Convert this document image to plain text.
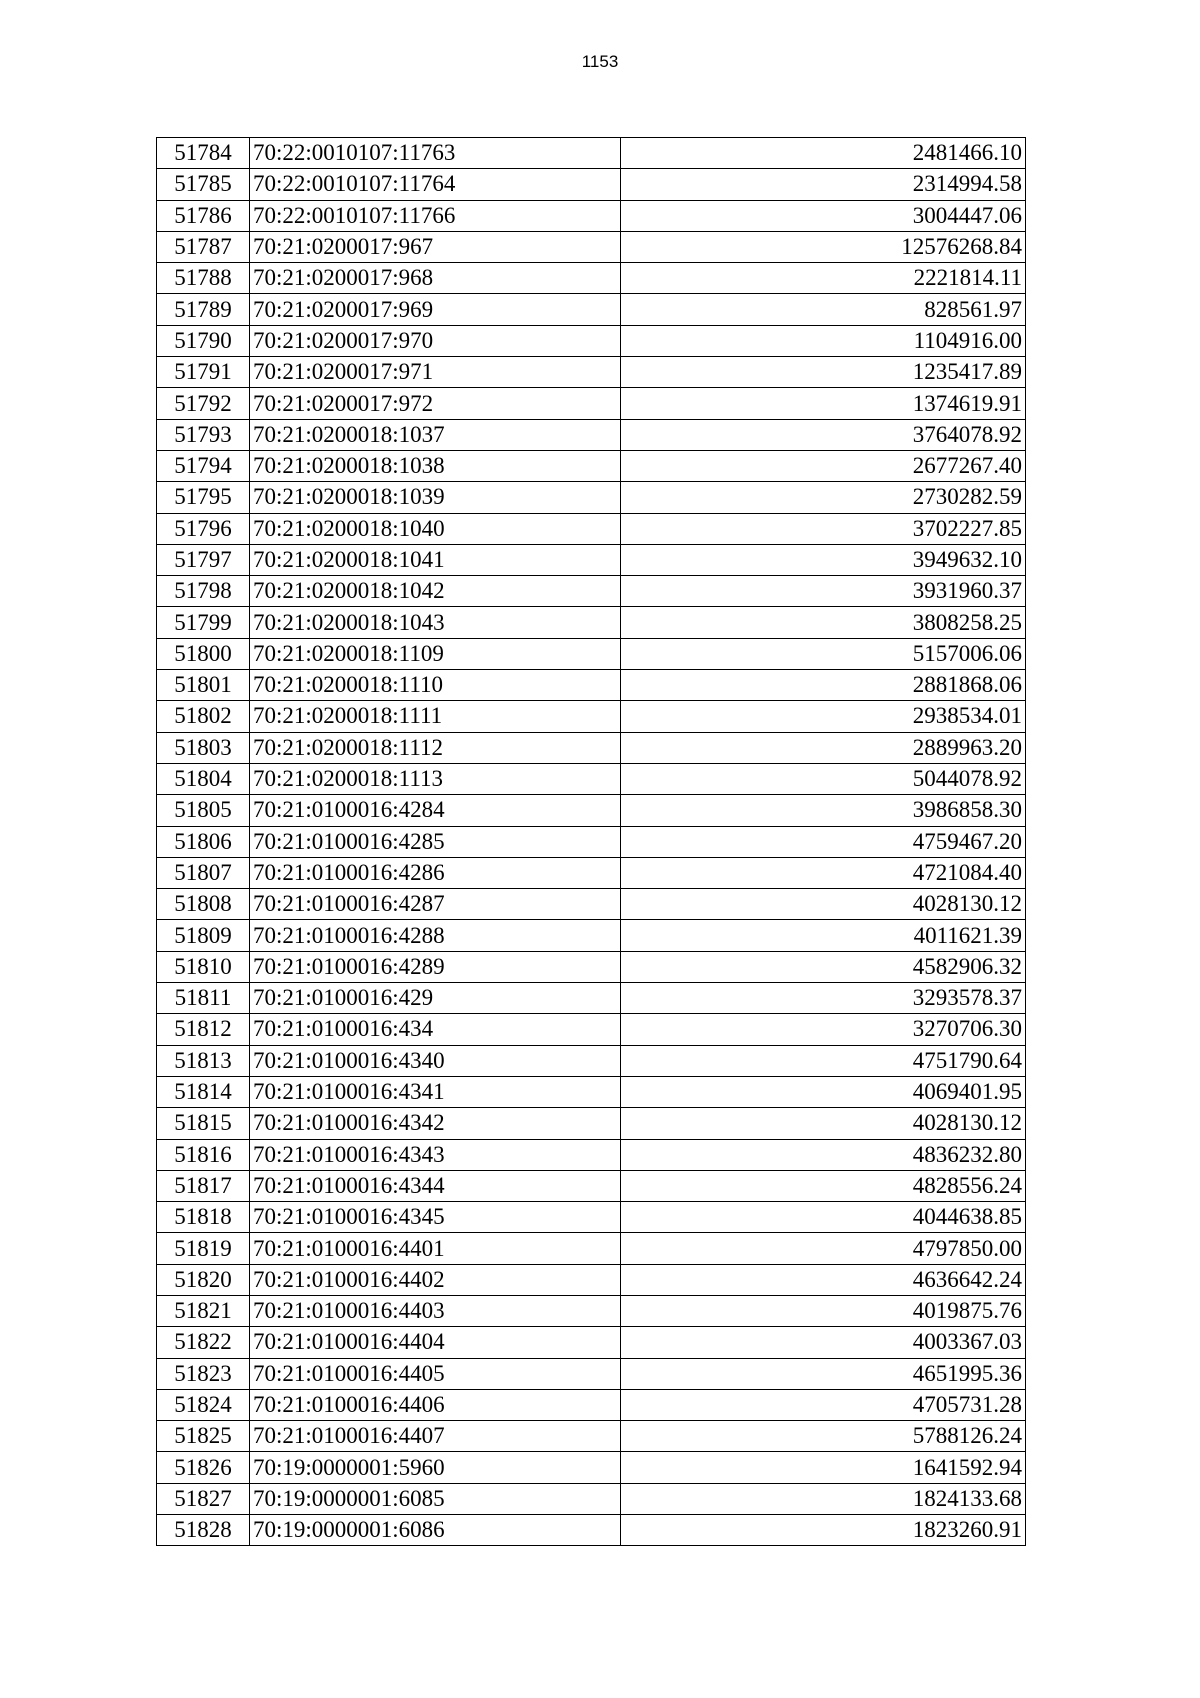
1153
51784	70:22:0010107:11763	2481466.10
51785	70:22:0010107:11764	2314994.58
51786	70:22:0010107:11766	3004447.06
51787	70:21:0200017:967	12576268.84
51788	70:21:0200017:968	2221814.11
51789	70:21:0200017:969	828561.97
51790	70:21:0200017:970	1104916.00
51791	70:21:0200017:971	1235417.89
51792	70:21:0200017:972	1374619.91
51793	70:21:0200018:1037	3764078.92
51794	70:21:0200018:1038	2677267.40
51795	70:21:0200018:1039	2730282.59
51796	70:21:0200018:1040	3702227.85
51797	70:21:0200018:1041	3949632.10
51798	70:21:0200018:1042	3931960.37
51799	70:21:0200018:1043	3808258.25
51800	70:21:0200018:1109	5157006.06
51801	70:21:0200018:1110	2881868.06
51802	70:21:0200018:1111	2938534.01
51803	70:21:0200018:1112	2889963.20
51804	70:21:0200018:1113	5044078.92
51805	70:21:0100016:4284	3986858.30
51806	70:21:0100016:4285	4759467.20
51807	70:21:0100016:4286	4721084.40
51808	70:21:0100016:4287	4028130.12
51809	70:21:0100016:4288	4011621.39
51810	70:21:0100016:4289	4582906.32
51811	70:21:0100016:429	3293578.37
51812	70:21:0100016:434	3270706.30
51813	70:21:0100016:4340	4751790.64
51814	70:21:0100016:4341	4069401.95
51815	70:21:0100016:4342	4028130.12
51816	70:21:0100016:4343	4836232.80
51817	70:21:0100016:4344	4828556.24
51818	70:21:0100016:4345	4044638.85
51819	70:21:0100016:4401	4797850.00
51820	70:21:0100016:4402	4636642.24
51821	70:21:0100016:4403	4019875.76
51822	70:21:0100016:4404	4003367.03
51823	70:21:0100016:4405	4651995.36
51824	70:21:0100016:4406	4705731.28
51825	70:21:0100016:4407	5788126.24
51826	70:19:0000001:5960	1641592.94
51827	70:19:0000001:6085	1824133.68
51828	70:19:0000001:6086	1823260.91
